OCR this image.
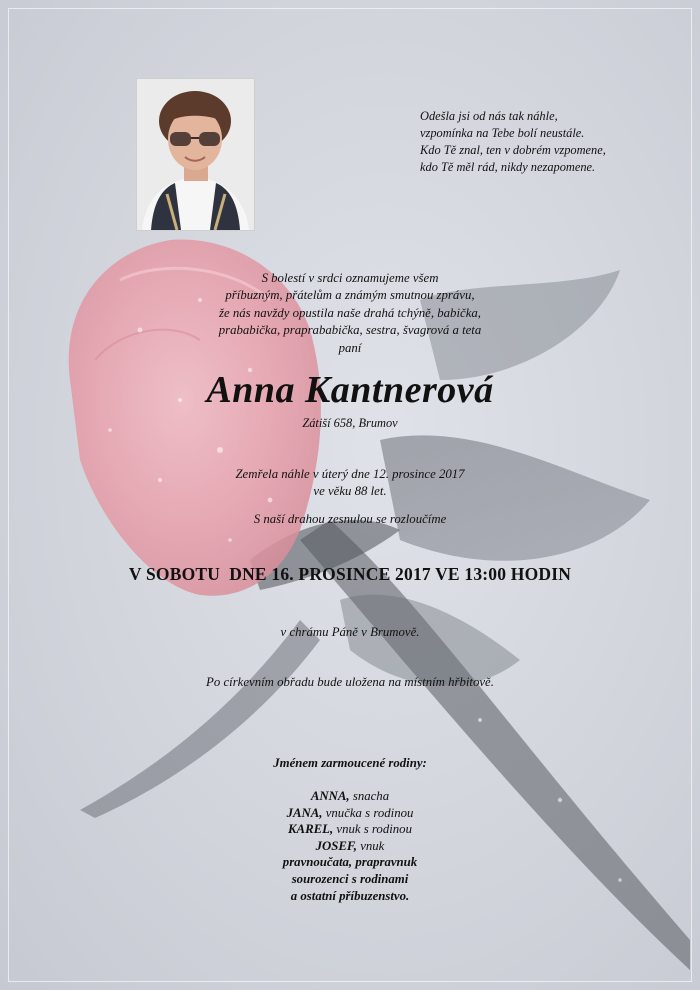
Odešla jsi od nás tak náhle,
vzpomínka na Tebe bolí neustále.
Kdo Tě znal, ten v dobrém vzpomene,
kdo Tě měl rád, nikdy nezapomene.
S bolestí v srdci oznamujeme všem
příbuzným, přátelům a známým smutnou zprávu,
že nás navždy opustila naše drahá tchýně, babička,
prababička, praprababička, sestra, švagrová a teta
paní
Anna Kantnerová
Zátiší 658, Brumov
Zemřela náhle v úterý dne 12. prosince 2017
ve věku 88 let.
S naší drahou zesnulou se rozloučíme
V SOBOTU  DNE 16. PROSINCE 2017 VE 13:00 HODIN
v chrámu Páně v Brumově.
Po církevním obřadu bude uložena na místním hřbitově.
Jménem zarmoucené rodiny:
ANNA, snacha
JANA, vnučka s rodinou
KAREL, vnuk s rodinou
JOSEF, vnuk
pravnoučata, prapravnuk
sourozenci s rodinami
a ostatní příbuzenstvo.
